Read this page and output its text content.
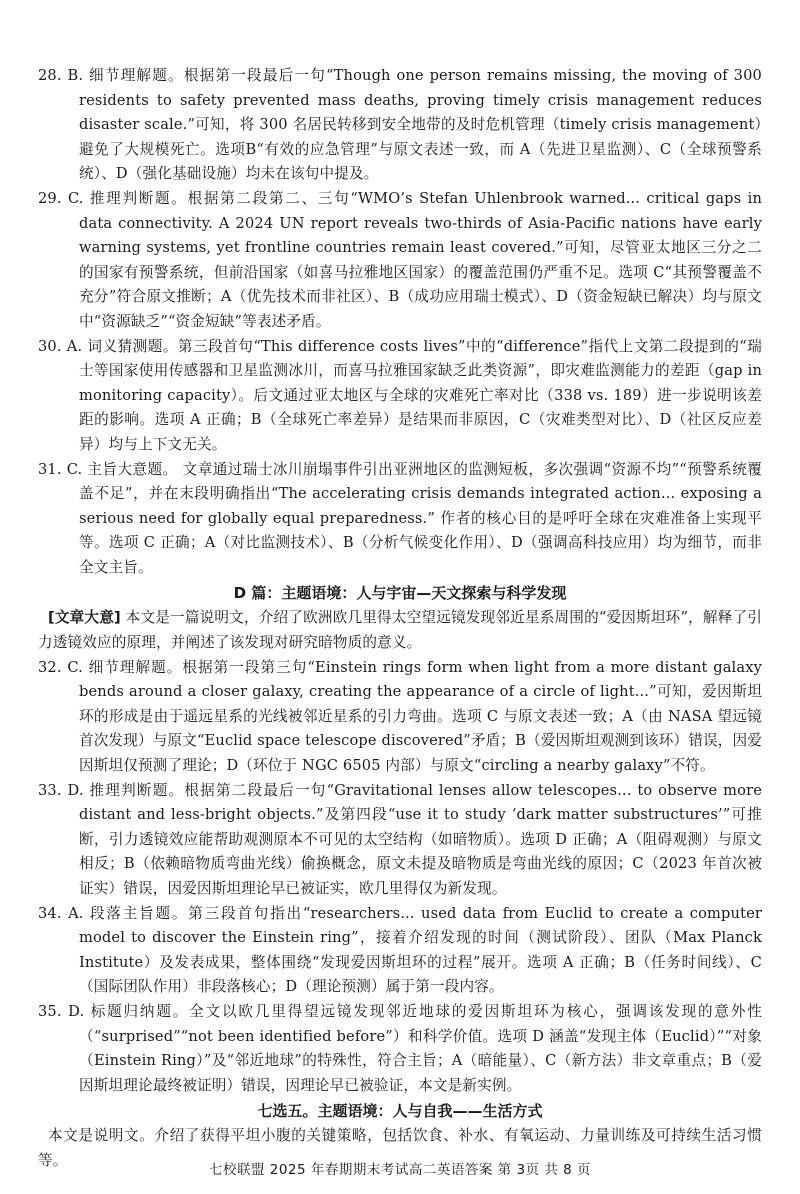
28. B. 细节理解题。根据第一段最后一句“Though one person remains missing, the moving of 300 residents to safety prevented mass deaths, proving timely crisis management reduces disaster scale.”可知，将 300 名居民转移到安全地带的及时危机管理（timely crisis management）避免了大规模死亡。选项B“有效的应急管理”与原文表述一致，而 A（先进卫星监测）、C（全球预警系统）、D（强化基础设施）均未在该句中提及。

29. C. 推理判断题。根据第二段第二、三句“WMO’s Stefan Uhlenbrook warned... critical gaps in data connectivity. A 2024 UN report reveals two-thirds of Asia-Pacific nations have early warning systems, yet frontline countries remain least covered.”可知，尽管亚太地区三分之二的国家有预警系统，但前沿国家（如喜马拉雅地区国家）的覆盖范围仍严重不足。选项 C“其预警覆盖不充分”符合原文推断；A（优先技术而非社区）、B（成功应用瑞士模式）、D（资金短缺已解决）均与原文中“资源缺乏”“资金短缺”等表述矛盾。

30. A. 词义猜测题。第三段首句“This difference costs lives”中的“difference”指代上文第二段提到的“瑞士等国家使用传感器和卫星监测冰川，而喜马拉雅国家缺乏此类资源”，即灾难监测能力的差距（gap in monitoring capacity）。后文通过亚太地区与全球的灾难死亡率对比（338 vs. 189）进一步说明该差距的影响。选项 A 正确；B（全球死亡率差异）是结果而非原因，C（灾难类型对比）、D（社区反应差异）均与上下文无关。

31. C. 主旨大意题。 文章通过瑞士冰川崩塌事件引出亚洲地区的监测短板，多次强调“资源不均”“预警系统覆盖不足”，并在末段明确指出“The accelerating crisis demands integrated action... exposing a serious need for globally equal preparedness.” 作者的核心目的是呼吁全球在灾难准备上实现平等。选项 C 正确；A（对比监测技术）、B（分析气候变化作用）、D（强调高科技应用）均为细节，而非全文主旨。

D 篇：主题语境：人与宇宙—天文探索与科学发现

[文章大意] 本文是一篇说明文，介绍了欧洲欧几里得太空望远镜发现邻近星系周围的“爱因斯坦环”，解释了引力透镜效应的原理，并阐述了该发现对研究暗物质的意义。

32. C. 细节理解题。根据第一段第三句“Einstein rings form when light from a more distant galaxy bends around a closer galaxy, creating the appearance of a circle of light...”可知，爱因斯坦环的形成是由于遥远星系的光线被邻近星系的引力弯曲。选项 C 与原文表述一致；A（由 NASA 望远镜首次发现）与原文“Euclid space telescope discovered”矛盾；B（爱因斯坦观测到该环）错误，因爱因斯坦仅预测了理论；D（环位于 NGC 6505 内部）与原文“circling a nearby galaxy”不符。

33. D. 推理判断题。根据第二段最后一句“Gravitational lenses allow telescopes... to observe more distant and less-bright objects.”及第四段“use it to study ‘dark matter substructures’”可推断，引力透镜效应能帮助观测原本不可见的太空结构（如暗物质）。选项 D 正确；A（阻碍观测）与原文相反；B（依赖暗物质弯曲光线）偷换概念，原文未提及暗物质是弯曲光线的原因；C（2023 年首次被证实）错误，因爱因斯坦理论早已被证实，欧几里得仅为新发现。

34. A. 段落主旨题。第三段首句指出“researchers... used data from Euclid to create a computer model to discover the Einstein ring”，接着介绍发现的时间（测试阶段）、团队（Max Planck Institute）及发表成果，整体围绕“发现爱因斯坦环的过程”展开。选项 A 正确；B（任务时间线）、C（国际团队作用）非段落核心；D（理论预测）属于第一段内容。

35. D. 标题归纳题。全文以欧几里得望远镜发现邻近地球的爱因斯坦环为核心，强调该发现的意外性（“surprised”“not been identified before”）和科学价值。选项 D 涵盖“发现主体（Euclid）”“对象（Einstein Ring）”及“邻近地球”的特殊性，符合主旨；A（暗能量）、C（新方法）非文章重点；B（爱因斯坦理论最终被证明）错误，因理论早已被验证，本文是新实例。

七选五。主题语境：人与自我——生活方式

本文是说明文。介绍了获得平坦小腹的关键策略，包括饮食、补水、有氧运动、力量训练及可持续生活习惯等。

七校联盟 2025 年春期期末考试高二英语答案 第 3页 共 8 页
